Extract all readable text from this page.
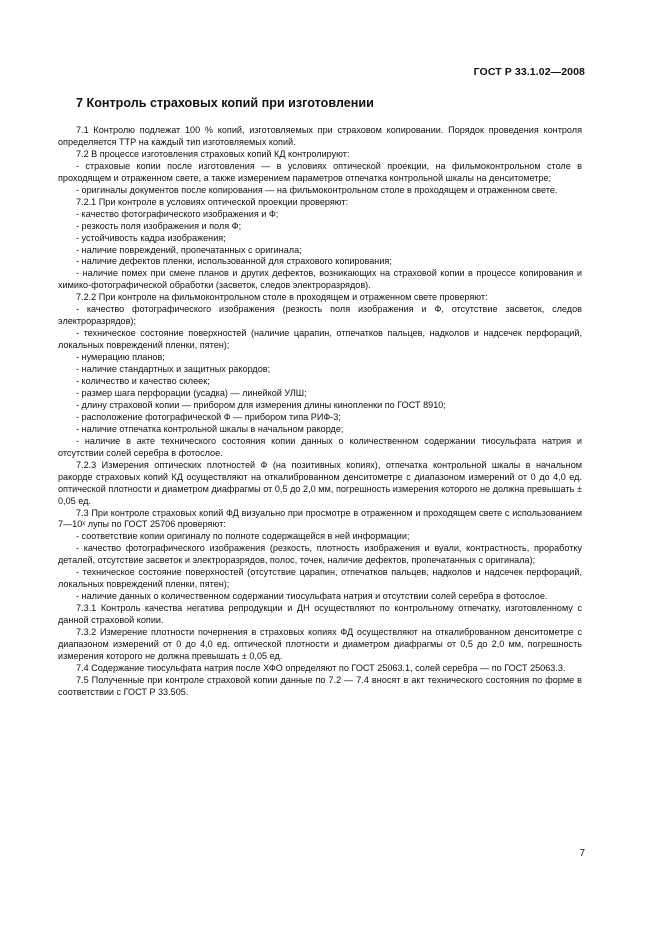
ГОСТ Р 33.1.02—2008
7 Контроль страховых копий при изготовлении

7.1 Контролю подлежат 100 % копий, изготовляемых при страховом копировании. Порядок проведения контроля определяется ТТР на каждый тип изготовляемых копий.

7.2 В процессе изготовления страховых копий КД контролируют:

- страховые копии после изготовления — в условиях оптической проекции, на фильмоконтрольном столе в проходящем и отраженном свете, а также измерением параметров отпечатка контрольной шкалы на денситометре;

- оригиналы документов после копирования — на фильмоконтрольном столе в проходящем и отраженном свете.

7.2.1 При контроле в условиях оптической проекции проверяют:

- качество фотографического изображения и Ф;

- резкость поля изображения и поля Ф;

- устойчивость кадра изображения;

- наличие повреждений, пропечатанных с оригинала;

- наличие дефектов пленки, использованной для страхового копирования;

- наличие помех при смене планов и других дефектов, возникающих на страховой копии в процессе копирования и химико-фотографической обработки (засветок, следов электроразрядов).

7.2.2 При контроле на фильмоконтрольном столе в проходящем и отраженном свете проверяют:

- качество фотографического изображения (резкость поля изображения и Ф, отсутствие засветок, следов электроразрядов);

- техническое состояние поверхностей (наличие царапин, отпечатков пальцев, надколов и надсечек перфораций, локальных повреждений пленки, пятен);

- нумерацию планов;

- наличие стандартных и защитных ракордов;

- количество и качество склеек;

- размер шага перфорации (усадка) — линейкой УЛШ;

- длину страховой копии — прибором для измерения длины кинопленки по ГОСТ 8910;

- расположение фотографической Ф — прибором типа РИФ-3;

- наличие отпечатка контрольной шкалы в начальном ракорде;

- наличие в акте технического состояния копии данных о количественном содержании тиосульфата натрия и отсутствии солей серебра в фотослое.

7.2.3 Измерения оптических плотностей Ф (на позитивных копиях), отпечатка контрольной шкалы в начальном ракорде страховых копий КД осуществляют на откалиброванном денситометре с диапазоном измерений от 0 до 4,0 ед. оптической плотности и диаметром диафрагмы от 0,5 до 2,0 мм, погрешность измерения которого не должна превышать ± 0,05 ед.

7.3 При контроле страховых копий ФД визуально при просмотре в отраженном и проходящем свете с использованием 7—10ˣ лупы по ГОСТ 25706 проверяют:

- соответствие копии оригиналу по полноте содержащейся в ней информации;

- качество фотографического изображения (резкость, плотность изображения и вуали, контрастность, проработку деталей, отсутствие засветок и электроразрядов, полос, точек, наличие дефектов, пропечатанных с оригинала);

- техническое состояние поверхностей (отсутствие царапин, отпечатков пальцев, надколов и надсечек перфораций, локальных повреждений пленки, пятен);

- наличие данных о количественном содержании тиосульфата натрия и отсутствии солей серебра в фотослое.

7.3.1 Контроль качества негатива репродукции и ДН осуществляют по контрольному отпечатку, изготовленному с данной страховой копии.

7.3.2 Измерение плотности почернения в страховых копиях ФД осуществляют на откалиброванном денситометре с диапазоном измерений от 0 до 4,0 ед. оптической плотности и диаметром диафрагмы от 0,5 до 2,0 мм, погрешность измерения которого не должна превышать ± 0,05 ед.

7.4 Содержание тиосульфата натрия после ХФО определяют по ГОСТ 25063.1, солей серебра — по ГОСТ 25063.3.

7.5 Полученные при контроле страховой копии данные по 7.2 — 7.4 вносят в акт технического состояния по форме в соответствии с ГОСТ Р 33.505.

7
